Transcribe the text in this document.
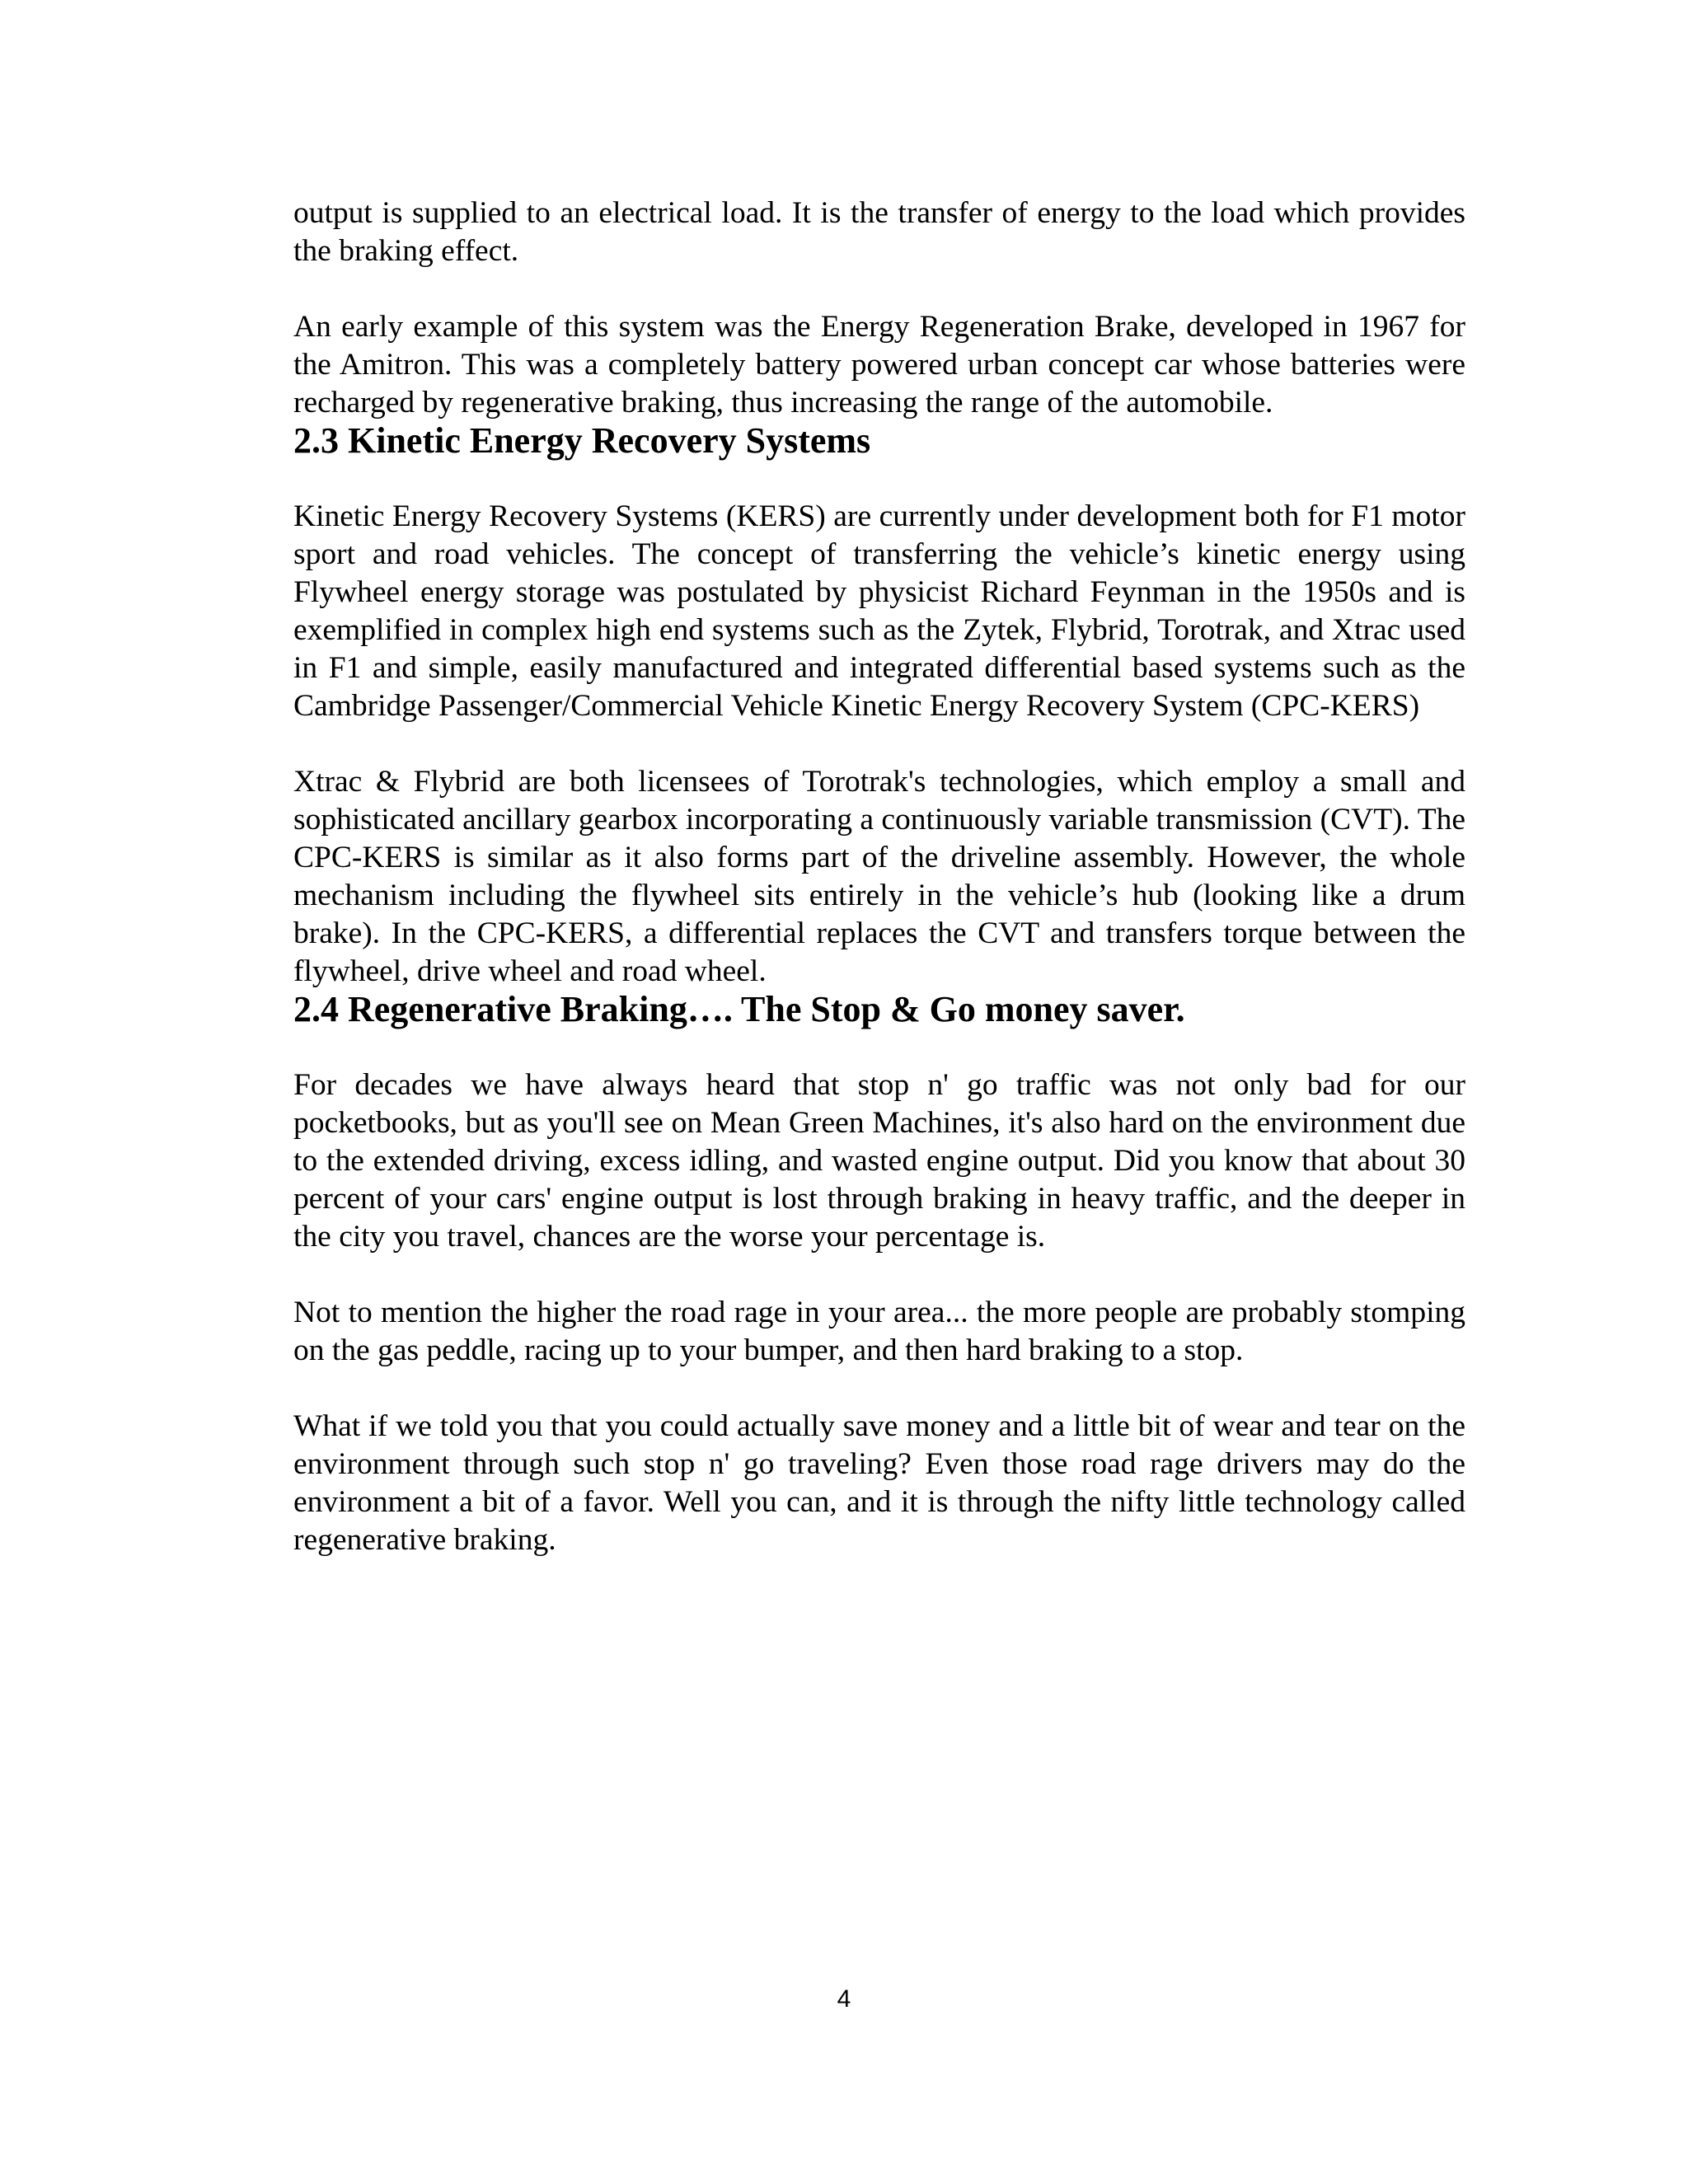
output is supplied to an electrical load. It is the transfer of energy to the load which provides the braking effect.

An early example of this system was the Energy Regeneration Brake, developed in 1967 for the Amitron. This was a completely battery powered urban concept car whose batteries were recharged by regenerative braking, thus increasing the range of the automobile.

2.3 Kinetic Energy Recovery Systems

Kinetic Energy Recovery Systems (KERS) are currently under development both for F1 motor sport and road vehicles. The concept of transferring the vehicle’s kinetic energy using Flywheel energy storage was postulated by physicist Richard Feynman in the 1950s and is exemplified in complex high end systems such as the Zytek, Flybrid, Torotrak, and Xtrac used in F1 and simple, easily manufactured and integrated differential based systems such as the Cambridge Passenger/Commercial Vehicle Kinetic Energy Recovery System (CPC-KERS)

Xtrac & Flybrid are both licensees of Torotrak's technologies, which employ a small and sophisticated ancillary gearbox incorporating a continuously variable transmission (CVT). The CPC-KERS is similar as it also forms part of the driveline assembly. However, the whole mechanism including the flywheel sits entirely in the vehicle’s hub (looking like a drum brake). In the CPC-KERS, a differential replaces the CVT and transfers torque between the flywheel, drive wheel and road wheel.

2.4 Regenerative Braking…. The Stop & Go money saver.

For decades we have always heard that stop n' go traffic was not only bad for our pocketbooks, but as you'll see on Mean Green Machines, it's also hard on the environment due to the extended driving, excess idling, and wasted engine output. Did you know that about 30 percent of your cars' engine output is lost through braking in heavy traffic, and the deeper in the city you travel, chances are the worse your percentage is.

Not to mention the higher the road rage in your area... the more people are probably stomping on the gas peddle, racing up to your bumper, and then hard braking to a stop.

What if we told you that you could actually save money and a little bit of wear and tear on the environment through such stop n' go traveling? Even those road rage drivers may do the environment a bit of a favor. Well you can, and it is through the nifty little technology called regenerative braking.

4
